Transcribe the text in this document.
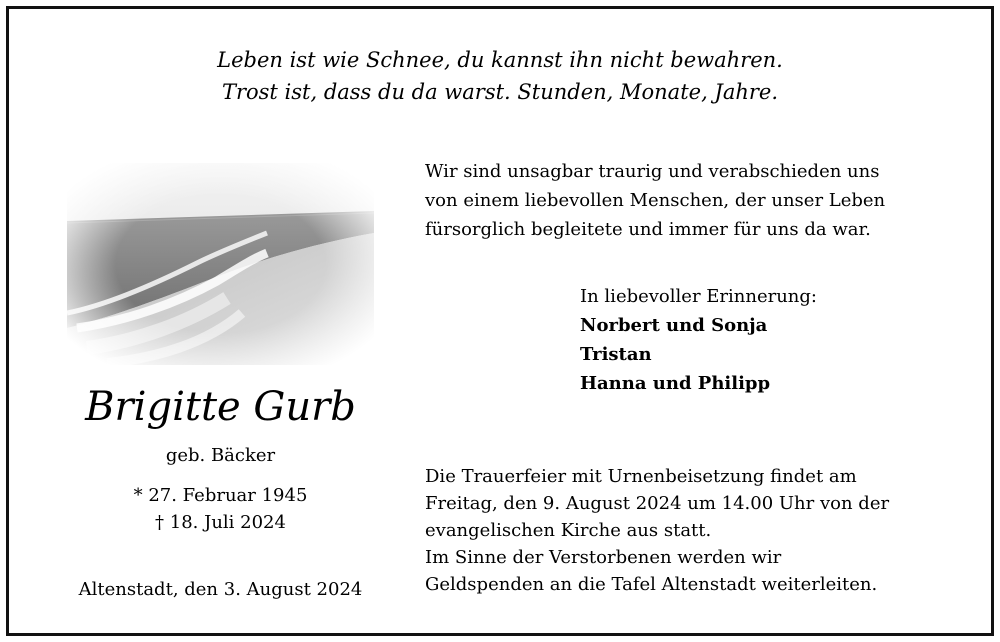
Leben ist wie Schnee, du kannst ihn nicht bewahren.
Trost ist, dass du da warst. Stunden, Monate, Jahre.
Brigitte Gurb
geb. Bäcker
* 27. Februar 1945
† 18. Juli 2024
Altenstadt, den 3. August 2024
Wir sind unsagbar traurig und verabschieden uns
von einem liebevollen Menschen, der unser Leben
fürsorglich begleitete und immer für uns da war.
In liebevoller Erinnerung:
Norbert und Sonja
Tristan
Hanna und Philipp
Die Trauerfeier mit Urnenbeisetzung findet am
Freitag, den 9. August 2024 um 14.00 Uhr von der
evangelischen Kirche aus statt.
Im Sinne der Verstorbenen werden wir
Geldspenden an die Tafel Altenstadt weiterleiten.
